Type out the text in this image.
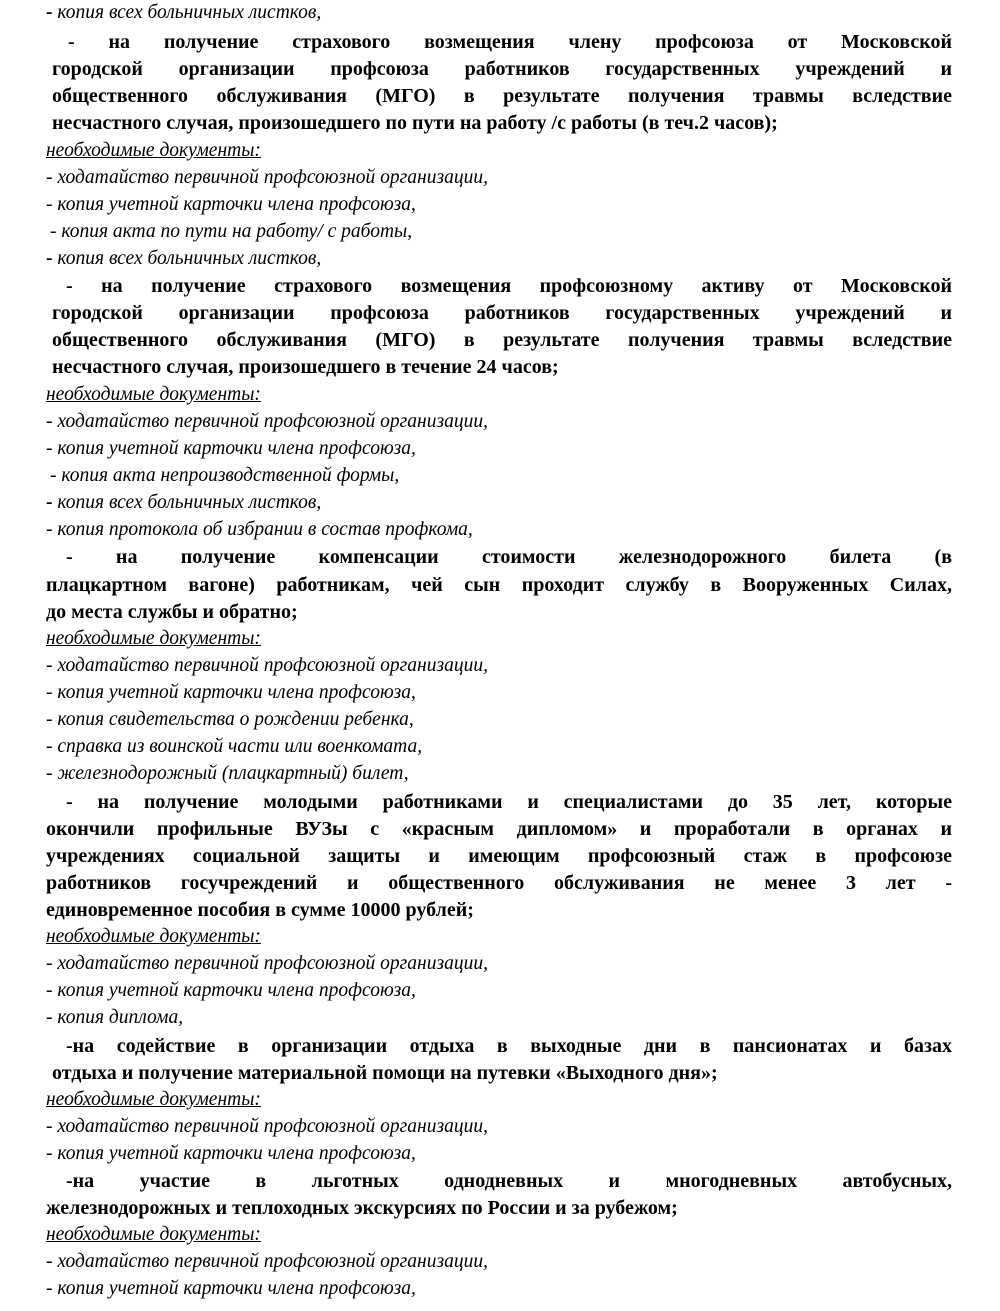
- копия всех больничных листков,
- на получение страхового возмещения члену профсоюза от Московской
городской организации профсоюза работников государственных учреждений и
общественного обслуживания (МГО) в результате получения травмы вследствие
несчастного случая, произошедшего по пути на работу /с работы (в теч.2 часов);
необходимые документы:
- ходатайство первичной профсоюзной организации,
- копия учетной карточки члена профсоюза,
- копия акта по пути на работу/ с работы,
- копия всех больничных листков,
- на получение страхового возмещения профсоюзному активу от Московской
городской организации профсоюза работников государственных учреждений и
общественного обслуживания (МГО) в результате получения травмы вследствие
несчастного случая, произошедшего в течение 24 часов;
необходимые документы:
- ходатайство первичной профсоюзной организации,
- копия учетной карточки члена профсоюза,
- копия акта непроизводственной формы,
- копия всех больничных листков,
- копия протокола об избрании в состав профкома,
- на получение компенсации стоимости железнодорожного билета (в
плацкартном вагоне) работникам, чей сын проходит службу в Вооруженных Силах,
до места службы и обратно;
необходимые документы:
- ходатайство первичной профсоюзной организации,
- копия учетной карточки члена профсоюза,
- копия свидетельства о рождении ребенка,
- справка из воинской части или военкомата,
- железнодорожный (плацкартный) билет,
- на получение молодыми работниками и специалистами до 35 лет, которые
окончили профильные ВУЗы с «красным дипломом» и проработали в органах и
учреждениях социальной защиты и имеющим профсоюзный стаж в профсоюзе
работников госучреждений и общественного обслуживания не менее 3 лет -
единовременное пособия в сумме 10000 рублей;
необходимые документы:
- ходатайство первичной профсоюзной организации,
- копия учетной карточки члена профсоюза,
- копия диплома,
-на содействие в организации отдыха в выходные дни в пансионатах и базах
отдыха и получение материальной помощи на путевки «Выходного дня»;
необходимые документы:
- ходатайство первичной профсоюзной организации,
- копия учетной карточки члена профсоюза,
-на участие в льготных однодневных и многодневных автобусных,
железнодорожных и теплоходных экскурсиях по России и за рубежом;
необходимые документы:
- ходатайство первичной профсоюзной организации,
- копия учетной карточки члена профсоюза,
